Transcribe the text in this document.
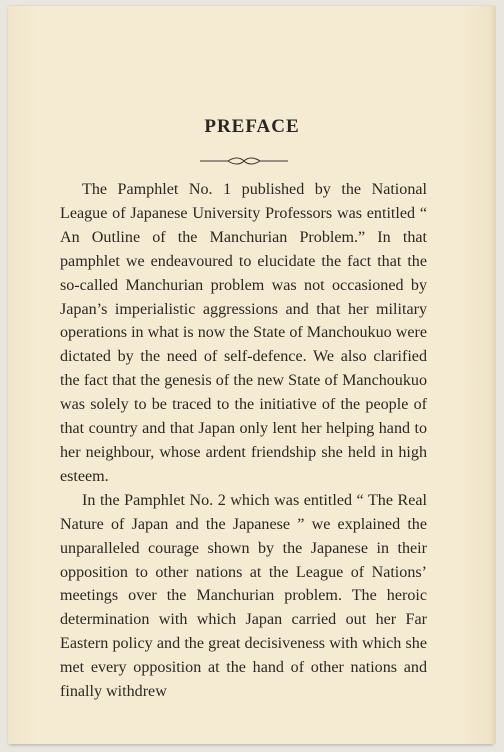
PREFACE

The Pamphlet No. 1 published by the National League of Japanese University Professors was entitled “ An Outline of the Manchurian Problem.” In that pamphlet we endeavoured to elucidate the fact that the so-called Manchurian problem was not occasioned by Japan’s imperialistic aggressions and that her military operations in what is now the State of Manchoukuo were dictated by the need of self-defence. We also clarified the fact that the genesis of the new State of Manchoukuo was solely to be traced to the initiative of the people of that country and that Japan only lent her helping hand to her neighbour, whose ardent friendship she held in high esteem.

In the Pamphlet No. 2 which was entitled “ The Real Nature of Japan and the Japanese ” we explained the unparalleled courage shown by the Japanese in their opposition to other nations at the League of Nations’ meetings over the Manchurian problem. The heroic determination with which Japan carried out her Far Eastern policy and the great decisiveness with which she met every opposition at the hand of other nations and finally withdrew
